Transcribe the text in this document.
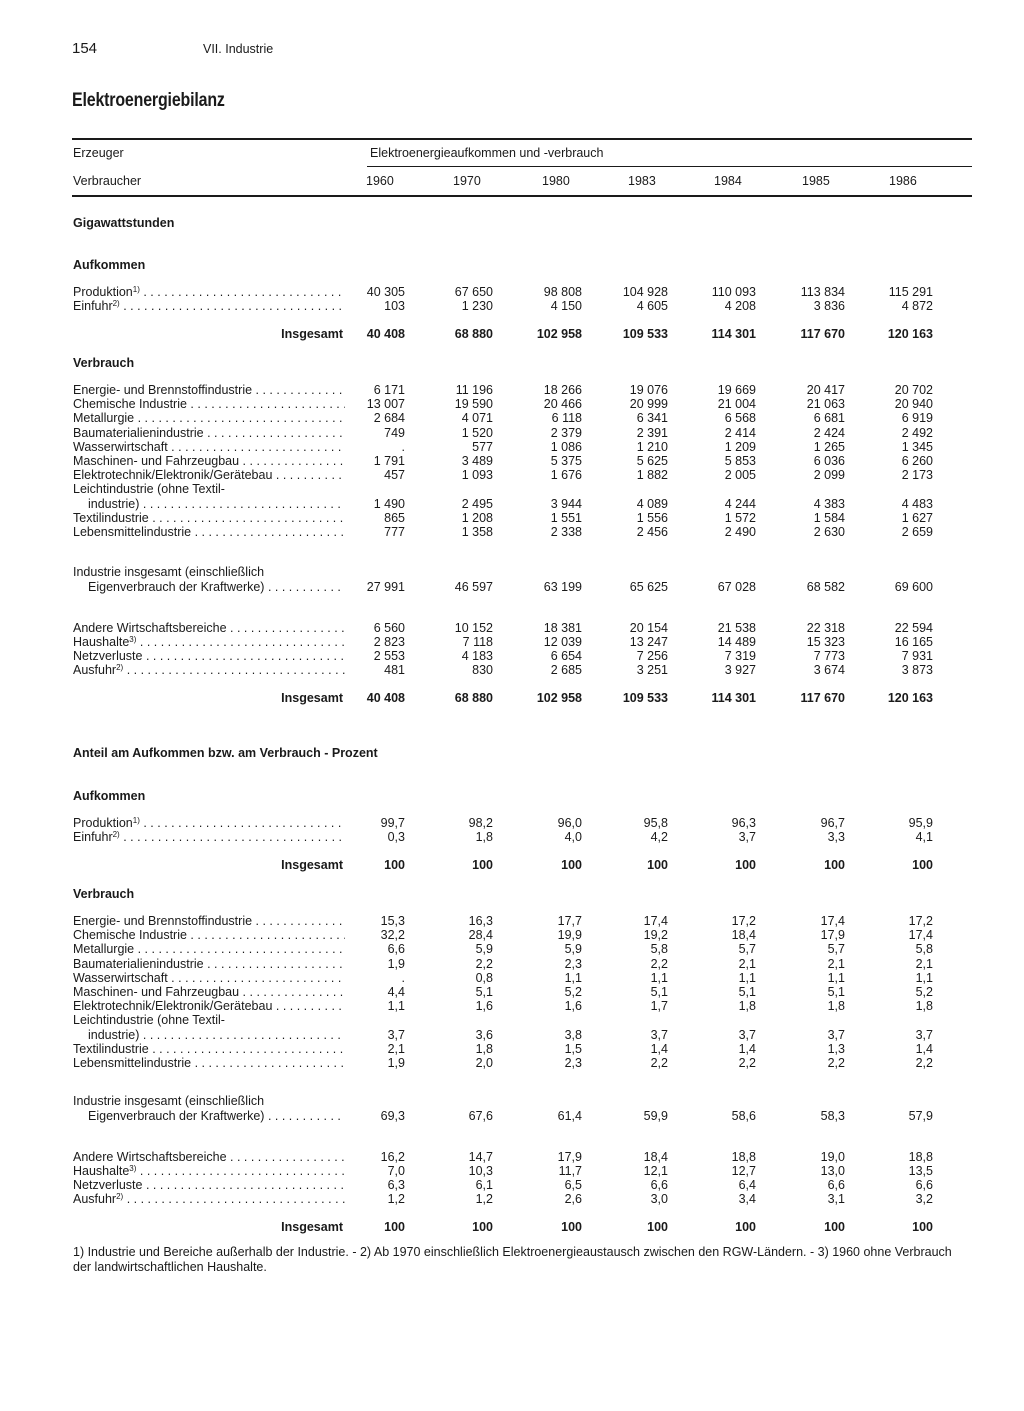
154	VII. Industrie
Elektroenergiebilanz
Erzeuger	Elektroenergieaufkommen und -verbrauch
Verbraucher	1960	1970	1980	1983	1984	1985	1986
Gigawattstunden
Aufkommen
Produktion$^{1)}$ . . .	40 305	67 650	98 808	104 928	110 093	113 834	115 291
Einfuhr$^{2)}$ . . .	103	1 230	4 150	4 605	4 208	3 836	4 872
Insgesamt 40 408	68 880	102 958	109 533	114 301	117 670	120 163
Verbrauch
Energie- und Brennstoffindustrie . . .	6 171	11 196	18 266	19 076	19 669	20 417	20 702
Chemische Industrie . . .	13 007	19 590	20 466	20 999	21 004	21 063	20 940
Metallurgie . . .	2 684	4 071	6 118	6 341	6 568	6 681	6 919
Baumaterialienindustrie . . .	749	1 520	2 379	2 391	2 414	2 424	2 492
Wasserwirtschaft . . .	.	577	1 086	1 210	1 209	1 265	1 345
Maschinen- und Fahrzeugbau . . .	1 791	3 489	5 375	5 625	5 853	6 036	6 260
Elektrotechnik/Elektronik/Gerätebau . . .	457	1 093	1 676	1 882	2 005	2 099	2 173
Leichtindustrie (ohne Textil-
industrie) . . .	1 490	2 495	3 944	4 089	4 244	4 383	4 483
Textilindustrie . . .	865	1 208	1 551	1 556	1 572	1 584	1 627
Lebensmittelindustrie . . .	777	1 358	2 338	2 456	2 490	2 630	2 659
Industrie insgesamt (einschließlich
Eigenverbrauch der Kraftwerke) . . .	27 991	46 597	63 199	65 625	67 028	68 582	69 600
Andere Wirtschaftsbereiche . . .	6 560	10 152	18 381	20 154	21 538	22 318	22 594
Haushalte$^{3)}$ . . .	2 823	7 118	12 039	13 247	14 489	15 323	16 165
Netzverluste . . .	2 553	4 183	6 654	7 256	7 319	7 773	7 931
Ausfuhr$^{2)}$ . . .	481	830	2 685	3 251	3 927	3 674	3 873
Insgesamt 40 408	68 880	102 958	109 533	114 301	117 670	120 163
Anteil am Aufkommen bzw. am Verbrauch - Prozent
Aufkommen
Produktion$^{1)}$ . . .	99,7	98,2	96,0	95,8	96,3	96,7	95,9
Einfuhr$^{2)}$ . . .	0,3	1,8	4,0	4,2	3,7	3,3	4,1
Insgesamt	100	100	100	100	100	100	100
Verbrauch
Energie- und Brennstoffindustrie . . .	15,3	16,3	17,7	17,4	17,2	17,4	17,2
Chemische Industrie . . .	32,2	28,4	19,9	19,2	18,4	17,9	17,4
Metallurgie . . .	6,6	5,9	5,9	5,8	5,7	5,7	5,8
Baumaterialienindustrie . . .	1,9	2,2	2,3	2,2	2,1	2,1	2,1
Wasserwirtschaft . . .	.	0,8	1,1	1,1	1,1	1,1	1,1
Maschinen- und Fahrzeugbau . . .	4,4	5,1	5,2	5,1	5,1	5,1	5,2
Elektrotechnik/Elektronik/Gerätebau . . .	1,1	1,6	1,6	1,7	1,8	1,8	1,8
Leichtindustrie (ohne Textil-
industrie) . . .	3,7	3,6	3,8	3,7	3,7	3,7	3,7
Textilindustrie . . .	2,1	1,8	1,5	1,4	1,4	1,3	1,4
Lebensmittelindustrie . . .	1,9	2,0	2,3	2,2	2,2	2,2	2,2
Industrie insgesamt (einschließlich
Eigenverbrauch der Kraftwerke) . . .	69,3	67,6	61,4	59,9	58,6	58,3	57,9
Andere Wirtschaftsbereiche . . .	16,2	14,7	17,9	18,4	18,8	19,0	18,8
Haushalte$^{3)}$ . . .	7,0	10,3	11,7	12,1	12,7	13,0	13,5
Netzverluste . . .	6,3	6,1	6,5	6,6	6,4	6,6	6,6
Ausfuhr$^{2)}$ . . .	1,2	1,2	2,6	3,0	3,4	3,1	3,2
Insgesamt	100	100	100	100	100	100	100
1) Industrie und Bereiche außerhalb der Industrie. - 2) Ab 1970 einschließlich Elektroenergieaustausch zwischen den RGW-Ländern. - 3) 1960 ohne Verbrauch der landwirtschaftlichen Haushalte.
